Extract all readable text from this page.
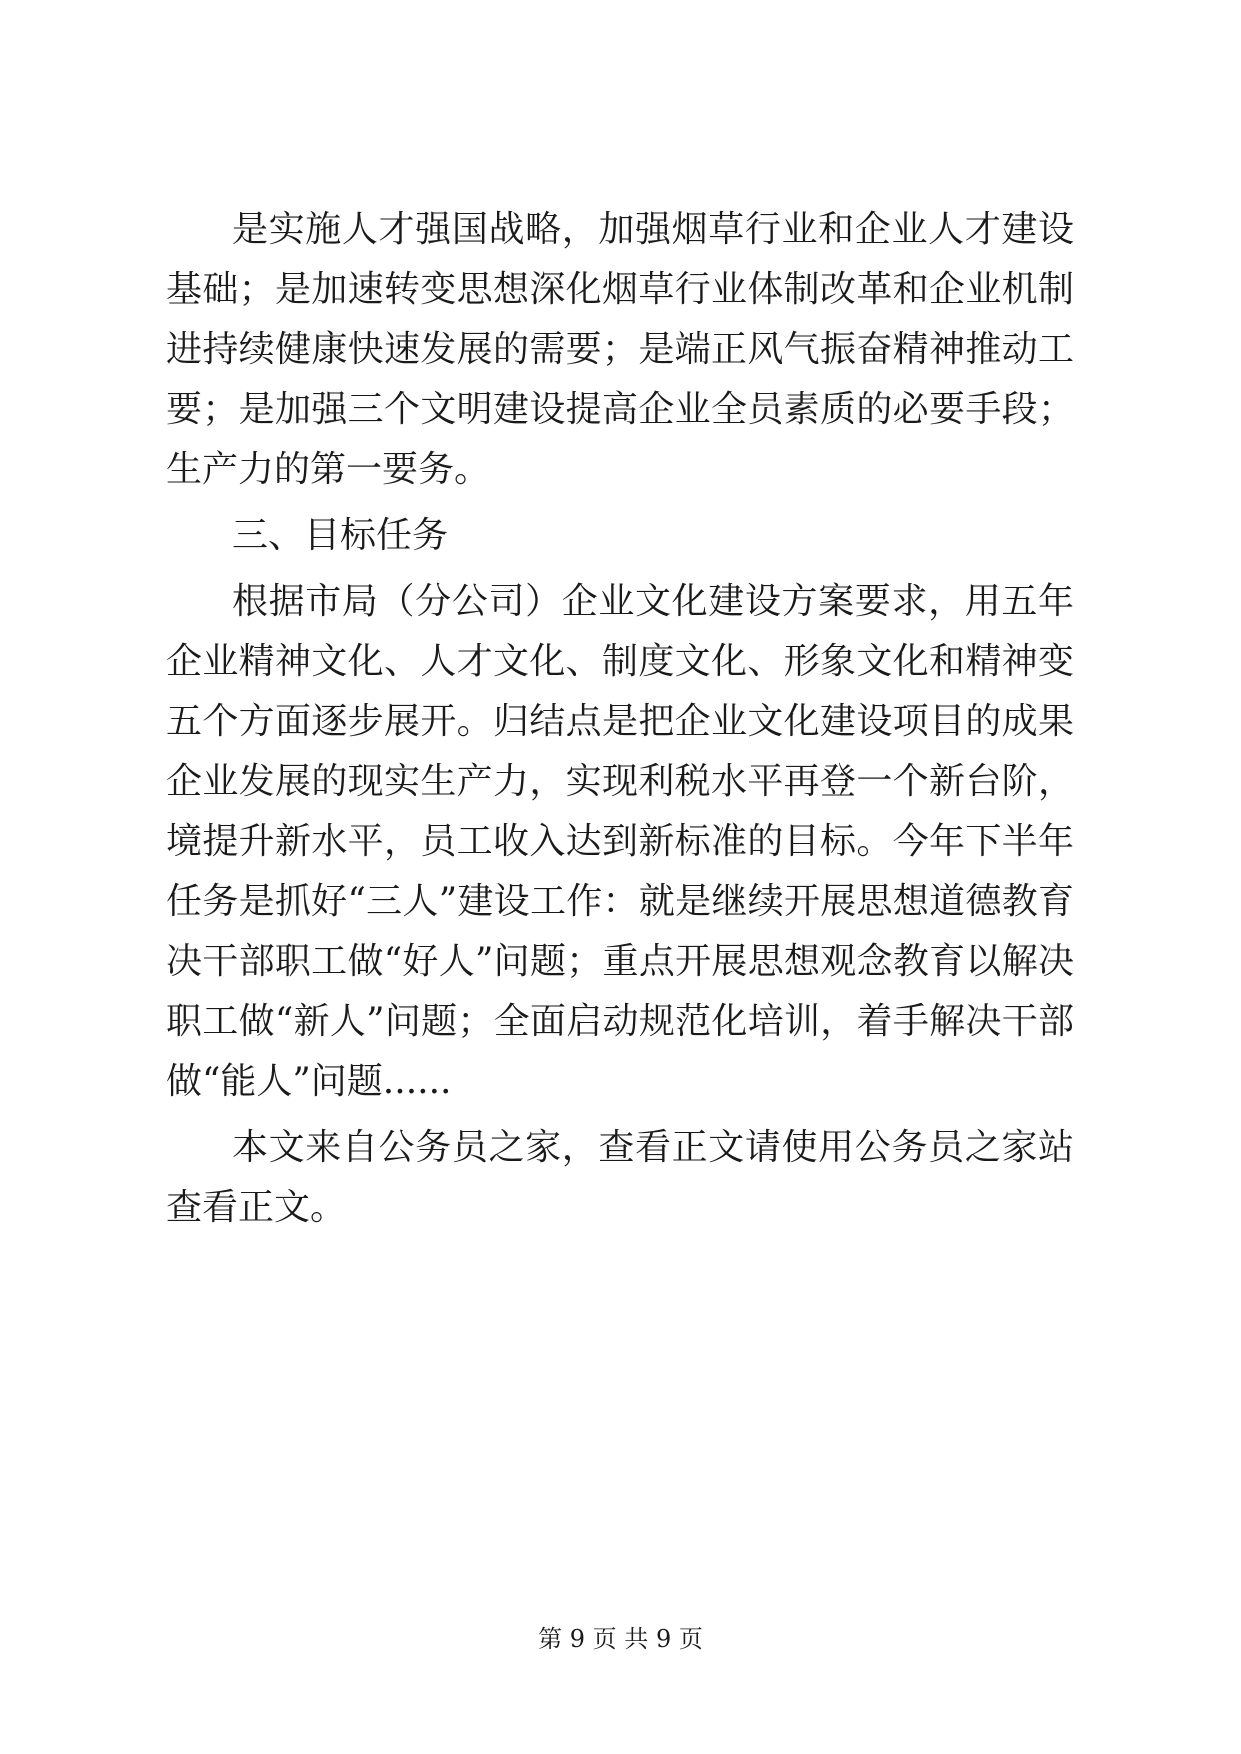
是实施人才强国战略，加强烟草行业和企业人才建设
基础；是加速转变思想深化烟草行业体制改革和企业机制
进持续健康快速发展的需要；是端正风气振奋精神推动工
要；是加强三个文明建设提高企业全员素质的必要手段；
生产力的第一要务。
三、目标任务
根据市局（分公司）企业文化建设方案要求，用五年
企业精神文化、人才文化、制度文化、形象文化和精神变
五个方面逐步展开。归结点是把企业文化建设项目的成果
企业发展的现实生产力，实现利税水平再登一个新台阶，
境提升新水平，员工收入达到新标准的目标。今年下半年
任务是抓好“三人”建设工作：就是继续开展思想道德教育
决干部职工做“好人”问题；重点开展思想观念教育以解决
职工做“新人”问题；全面启动规范化培训，着手解决干部
做“能人”问题......
本文来自公务员之家，查看正文请使用公务员之家站
查看正文。
第 9 页 共 9 页
